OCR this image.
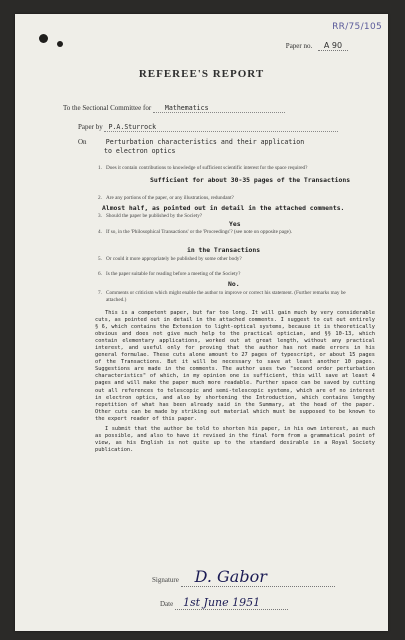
RR/75/105
Paper no. A 90
REFEREE'S REPORT
To the Sectional Committee for Mathematics
Paper by P.A.Sturrock
On	Perturbation characteristics and their application
to electron optics
1. Does it contain contributions to knowledge of sufficient scientific interest for the space required?
Sufficient for about 30-35 pages of the Transactions
2. Are any portions of the paper, or any illustrations, redundant?
Almost half, as pointed out in detail in the attached comments.
3. Should the paper be published by the Society?
Yes
4. If so, in the 'Philosophical Transactions' or the 'Proceedings'? (see note on opposite page).
in the Transactions
5. Or could it more appropriately be published by some other body?
6. Is the paper suitable for reading before a meeting of the Society?
No.
7. Comments or criticism which might enable the author to improve or correct his statement. (Further remarks may be attached.)

This is a competent paper, but far too long. It will gain much by very considerable cuts, as pointed out in detail in the attached comments. I suggest to cut out entirely § 6, which contains the Extension to light-optical systems, because it is theoretically obvious and does not give much help to the practical optician, and §§ 10-13, which contain elementary applications, worked out at great length, without any practical interest, and useful only for proving that the author has not made errors in his general formulae. These cuts alone amount to 27 pages of typescript, or about 15 pages of the Transactions. But it will be necessary to save at least another 10 pages. Suggestions are made in the comments. The author uses two "second order perturbation characteristics" of which, in my opinion one is sufficient, this will save at least 4 pages and will make the paper much more readable. Further space can be saved by cutting out all references to telescopic and semi-telescopic systems, which are of no interest in electron optics, and also by shortening the Introduction, which contains lengthy repetition of what has been already said in the Summary, at the head of the paper. Other cuts can be made by striking out material which must be supposed to be known to the expert reader of this paper.

I submit that the author be told to shorten his paper, in his own interest, as much as possible, and also to have it revised in the final form from a grammatical point of view, as his English is not quite up to the standard desirable in a Royal Society publication.

Signature D. Gabor
Date 1st June 1951
